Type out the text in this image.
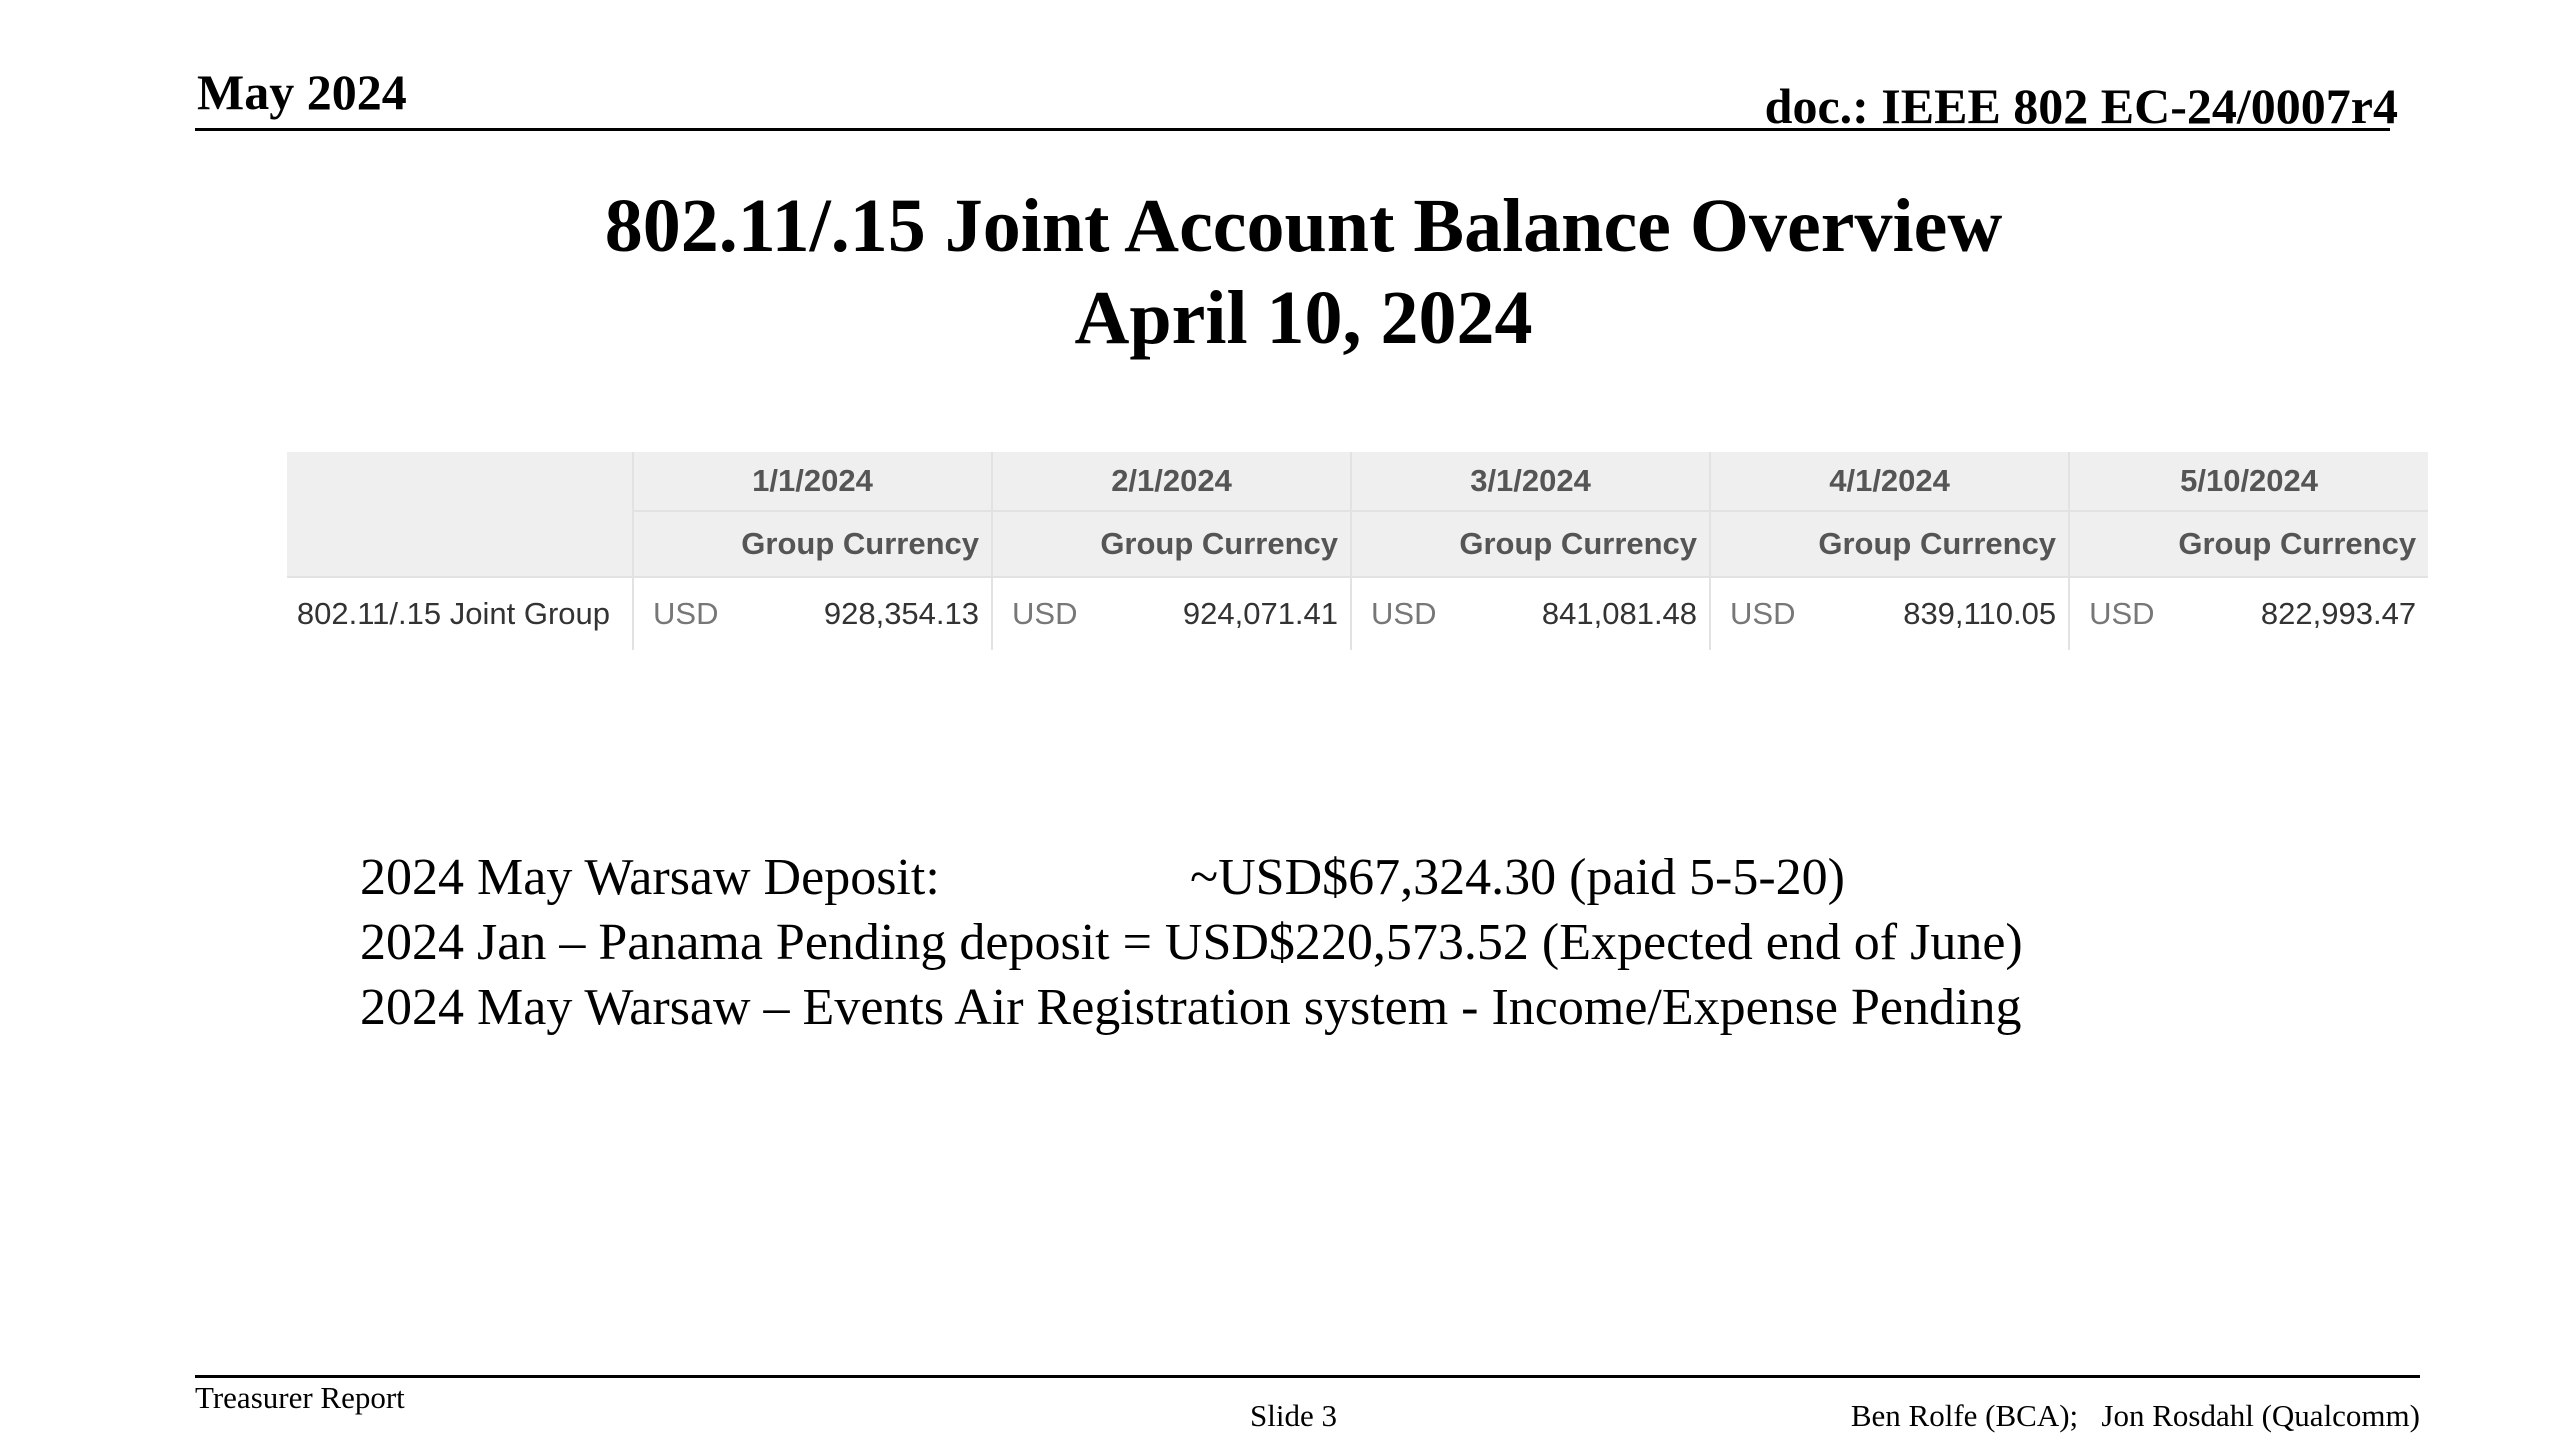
May 2024	doc.: IEEE 802 EC-24/0007r4
802.11/.15 Joint Account Balance Overview
April 10, 2024
	1/1/2024		2/1/2024		3/1/2024		4/1/2024		5/10/2024	
	Group Currency		Group Currency		Group Currency		Group Currency		Group Currency	
802.11/.15 Joint Group	USD	928,354.13	USD	924,071.41	USD	841,081.48	USD	839,110.05	USD	822,993.47
2024 May Warsaw Deposit:	~USD$67,324.30 (paid 5-5-20)
2024 Jan – Panama Pending deposit = USD$220,573.52 (Expected end of June)
2024 May Warsaw – Events Air Registration system - Income/Expense Pending
Treasurer Report
Slide 3	Ben Rolfe (BCA);   Jon Rosdahl (Qualcomm)
